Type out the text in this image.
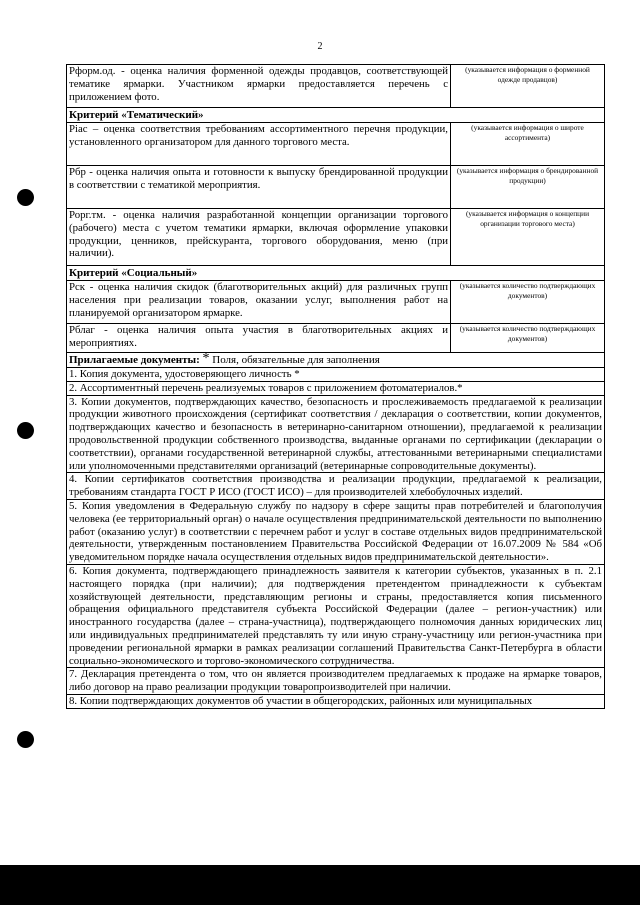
2
Рформ.од. - оценка наличия форменной одежды продавцов, соответствующей тематике ярмарки. Участником ярмарки предоставляется перечень с приложением фото.	(указывается информация о форменной одежде продавцов)
Критерий «Тематический»	
Pіас – оценка соответствия требованиям ассортиментного перечня продукции, установленного организатором для данного торгового места.	(указывается информация о широте ассортимента)
Рбр - оценка наличия опыта и готовности к выпуску брендированной продукции в соответствии с тематикой мероприятия.	(указывается информация о брендированной продукции)
Рорг.тм. - оценка наличия разработанной концепции организации торгового (рабочего) места с учетом тематики ярмарки, включая оформление упаковки продукции, ценников, прейскуранта, торгового оборудования, меню (при наличии).	(указывается информация о концепции организации торгового места)
Критерий «Социальный»	
Рск - оценка наличия скидок (благотворительных акций) для различных групп населения при реализации товаров, оказании услуг, выполнения работ на планируемой организатором ярмарке.	(указывается количество подтверждающих документов)
Рблаг - оценка наличия опыта участия в благотворительных акциях и мероприятиях.	(указывается количество подтверждающих документов)
Прилагаемые документы: * Поля, обязательные для заполнения	
1. Копия документа, удостоверяющего личность *	
2. Ассортиментный перечень реализуемых товаров с приложением фотоматериалов.*	
3. Копии документов, подтверждающих качество, безопасность и прослеживаемость предлагаемой к реализации продукции животного происхождения (сертификат соответствия / декларация о соответствии, копии документов, подтверждающих качество и безопасность в ветеринарно-санитарном отношении), предлагаемой к реализации продовольственной продукции собственного производства, выданные органами по сертификации (декларации о соответствии), органами государственной ветеринарной службы, аттестованными ветеринарными специалистами или уполномоченными представителями организаций (ветеринарные сопроводительные документы).	
4. Копии сертификатов соответствия производства и реализации продукции, предлагаемой к реализации, требованиям стандарта ГОСТ Р ИСО (ГОСТ ИСО) – для производителей хлебобулочных изделий.	
5. Копия уведомления в Федеральную службу по надзору в сфере защиты прав потребителей и благополучия человека (ее территориальный орган) о начале осуществления предпринимательской деятельности по выполнению работ (оказанию услуг) в соответствии с перечнем работ и услуг в составе отдельных видов предпринимательской деятельности, утвержденным постановлением Правительства Российской Федерации от 16.07.2009 № 584 «Об уведомительном порядке начала осуществления отдельных видов предпринимательской деятельности».	
6. Копия документа, подтверждающего принадлежность заявителя к категории субъектов, указанных в п. 2.1 настоящего порядка (при наличии); для подтверждения претендентом принадлежности к субъектам хозяйствующей деятельности, представляющим регионы и страны, предоставляется копия письменного обращения официального представителя субъекта Российской Федерации (далее – регион-участник) или иностранного государства (далее – страна-участница), подтверждающего полномочия данных юридических лиц или индивидуальных предпринимателей представлять ту или иную страну-участницу или регион-участника при проведении региональной ярмарки в рамках реализации соглашений Правительства Санкт-Петербурга в области социально-экономического и торгово-экономического сотрудничества.	
7. Декларация претендента о том, что он является производителем предлагаемых к продаже на ярмарке товаров, либо договор на право реализации продукции товаропроизводителей при наличии.	
8. Копии подтверждающих документов об участии в общегородских, районных или муниципальных	
